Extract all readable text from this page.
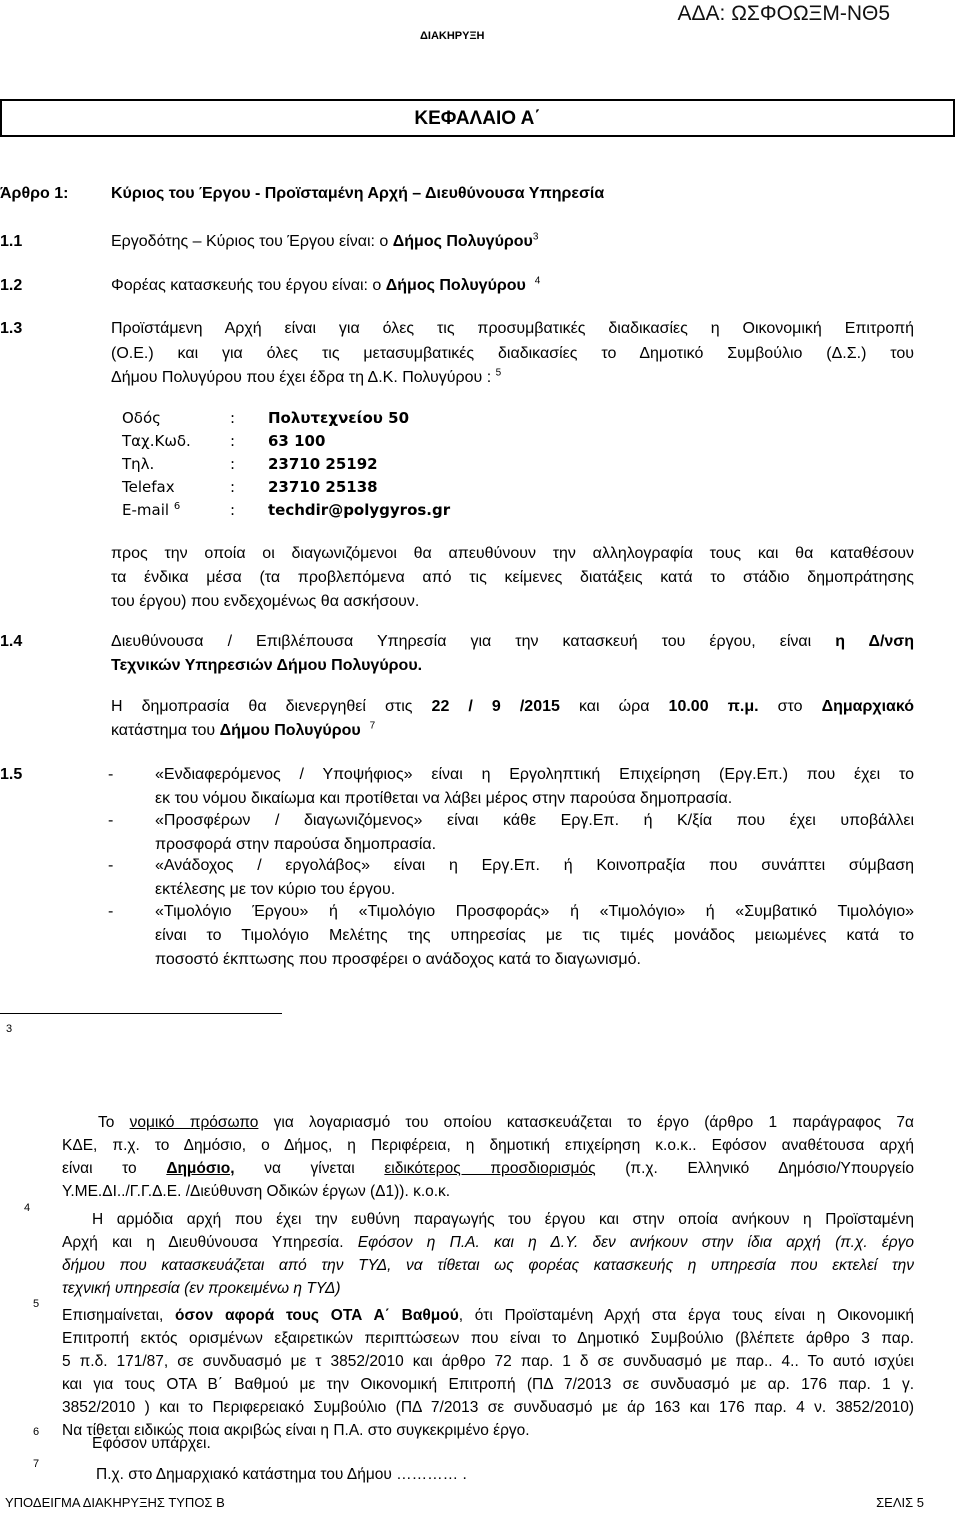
ΑΔΑ: ΩΣΦΟΩΞΜ-ΝΘ5
ΔΙΑΚΗΡΥΞΗ
ΚΕΦΑΛΑΙΟ Α΄
Άρθρο 1:	Κύριος του Έργου - Προϊσταμένη Αρχή – Διευθύνουσα Υπηρεσία
1.1	Εργοδότης – Κύριος του Έργου είναι: ο Δήμος Πολυγύρου$^3$
1.2	Φορέας κατασκευής του έργου είναι: ο Δήμος Πολυγύρου $^4$
1.3	Προϊστάμενη Αρχή είναι για όλες τις προσυμβατικές διαδικασίες η Οικονομική Επιτροπή
(Ο.Ε.) και για όλες τις μετασυμβατικές διαδικασίες το Δημοτικό Συμβούλιο (Δ.Σ.) του
Δήμου Πολυγύρου που έχει έδρα τη Δ.Κ. Πολυγύρου : $^5$
Οδός	: Πολυτεχνείου 50
Ταχ.Κωδ.	: 63 100
Τηλ.	: 23710 25192
Telefax	: 23710 25138
E-mail $^6$	: techdir@polygyros.gr
προς την οποία οι διαγωνιζόμενοι θα απευθύνουν την αλληλογραφία τους και θα καταθέσουν
τα ένδικα μέσα (τα προβλεπόμενα από τις κείμενες διατάξεις κατά το στάδιο δημοπράτησης
του έργου) που ενδεχομένως θα ασκήσουν.
1.4	Διευθύνουσα / Επιβλέπουσα Υπηρεσία για την κατασκευή του έργου, είναι η Δ/νση
Τεχνικών Υπηρεσιών Δήμου Πολυγύρου.
Η δημοπρασία θα διενεργηθεί στις 22 / 9 /2015 και ώρα 10.00 π.μ. στο Δημαρχιακό
κατάστημα του Δήμου Πολυγύρου $^7$
1.5	-	«Ενδιαφερόμενος / Υποψήφιος» είναι η Εργοληπτική Επιχείρηση (Εργ.Επ.) που έχει το
εκ του νόμου δικαίωμα και προτίθεται να λάβει μέρος στην παρούσα δημοπρασία.
-	«Προσφέρων / διαγωνιζόμενος» είναι κάθε Εργ.Επ. ή Κ/ξία που έχει υποβάλλει
προσφορά στην παρούσα δημοπρασία.
-	«Ανάδοχος / εργολάβος» είναι η Εργ.Επ. ή Κοινοπραξία που συνάπτει σύμβαση
εκτέλεσης με τον κύριο του έργου.
-	«Τιμολόγιο Έργου» ή «Τιμολόγιο Προσφοράς» ή «Τιμολόγιο» ή «Συμβατικό Τιμολόγιο»
είναι το Τιμολόγιο Μελέτης της υπηρεσίας με τις τιμές μονάδος μειωμένες κατά το
ποσοστό έκπτωσης που προσφέρει ο ανάδοχος κατά το διαγωνισμό.
3
Το νομικό πρόσωπο για λογαριασμό του οποίου κατασκευάζεται το έργο (άρθρο 1 παράγραφος 7α
ΚΔΕ, π.χ. το Δημόσιο, ο Δήμος, η Περιφέρεια, η δημοτική επιχείρηση κ.ο.κ.. Εφόσον αναθέτουσα αρχή
είναι το Δημόσιο, να γίνεται ειδικότερος προσδιορισμός (π.χ. Ελληνικό Δημόσιο/Υπουργείο
Υ.ΜΕ.ΔΙ../Γ.Γ.Δ.Ε. /Διεύθυνση Οδικών έργων (Δ1)). κ.ο.κ.
4
Η αρμόδια αρχή που έχει την ευθύνη παραγωγής του έργου και στην οποία ανήκουν η Προϊσταμένη
Αρχή και η Διευθύνουσα Υπηρεσία. Εφόσον η Π.Α. και η Δ.Υ. δεν ανήκουν στην ίδια αρχή (π.χ. έργο
δήμου που κατασκευάζεται από την ΤΥΔ, να τίθεται ως φορέας κατασκευής η υπηρεσία που εκτελεί την
τεχνική υπηρεσία (εν προκειμένω η ΤΥΔ)
5
Επισημαίνεται, όσον αφορά τους ΟΤΑ Α΄ Βαθμού, ότι Προϊσταμένη Αρχή στα έργα τους είναι η Οικονομική
Επιτροπή εκτός ορισμένων εξαιρετικών περιπτώσεων που είναι το Δημοτικό Συμβούλιο (βλέπετε άρθρο 3 παρ.
5 π.δ. 171/87, σε συνδυασμό με τ 3852/2010 και άρθρο 72 παρ. 1 δ σε συνδυασμό με παρ.. 4.. Το αυτό ισχύει
και για τους ΟΤΑ Β΄ Βαθμού με την Οικονομική Επιτροπή (ΠΔ 7/2013 σε συνδυασμό με αρ. 176 παρ. 1 γ.
3852/2010 ) και το Περιφερειακό Συμβούλιο (ΠΔ 7/2013 σε συνδυασμό με άρ 163 και 176 παρ. 4 ν. 3852/2010)
Να τίθεται ειδικώς ποια ακριβώς είναι η Π.Α. στο συγκεκριμένο έργο.
6
Εφόσον υπάρχει.
7
Π.χ. στο Δημαρχιακό κατάστημα του Δήμου ………… .
ΥΠΟΔΕΙΓΜΑ ΔΙΑΚΗΡΥΞΗΣ ΤΥΠΟΣ Β	ΣΕΛΙΣ 5
